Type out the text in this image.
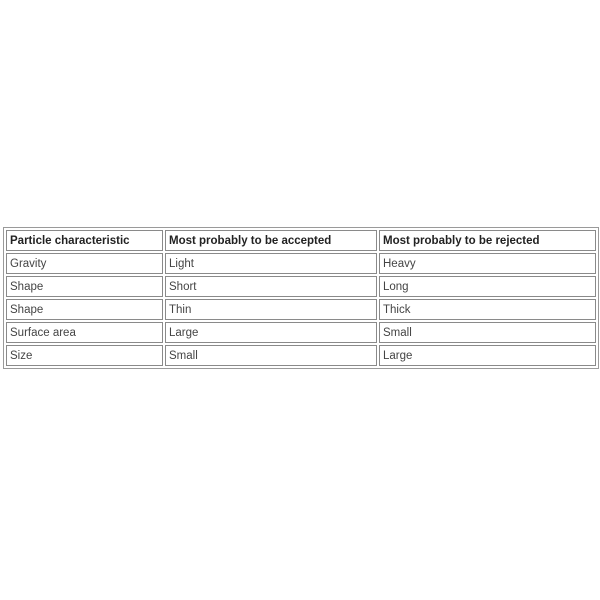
Particle characteristic	Most probably to be accepted	Most probably to be rejected
Gravity	Light	Heavy
Shape	Short	Long
Shape	Thin	Thick
Surface area	Large	Small
Size	Small	Large
